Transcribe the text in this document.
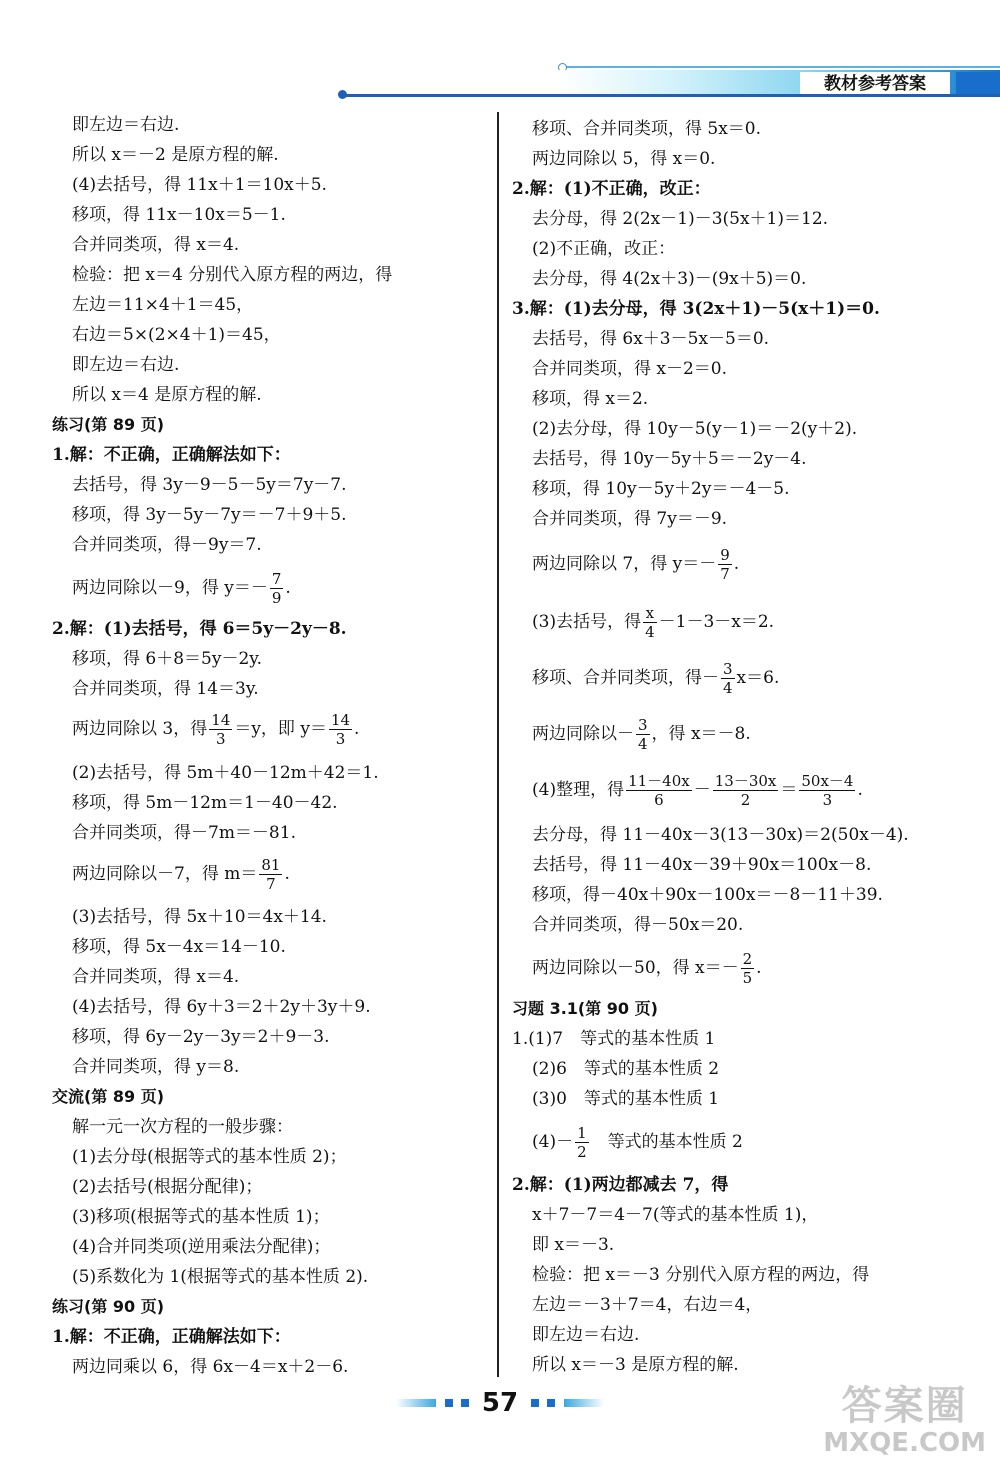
教材参考答案
即左边＝右边.
所以 x＝－2 是原方程的解.
(4)去括号，得 11x＋1＝10x＋5.
移项，得 11x－10x＝5－1.
合并同类项，得 x＝4.
检验：把 x＝4 分别代入原方程的两边，得
左边＝11×4＋1＝45，
右边＝5×(2×4＋1)＝45，
即左边＝右边.
所以 x＝4 是原方程的解.
练习(第 89 页)
1.解：不正确，正确解法如下：
去括号，得 3y－9－5－5y＝7y－7.
移项，得 3y－5y－7y＝－7＋9＋5.
合并同类项，得－9y＝7.
两边同除以－9，得 $y=- \frac{7}{9}$ .
2.解：(1)去括号，得 6＝5y－2y－8.
移项，得 6＋8＝5y－2y.
合并同类项，得 14＝3y.
两边同除以 3，得 $\frac{14}{3} =y$，即 $y= \frac{14}{3}$ .
(2)去括号，得 5m＋40－12m＋42＝1.
移项，得 5m－12m＝1－40－42.
合并同类项，得－7m＝－81.
两边同除以－7，得 $m= \frac{81}{7}$ .
(3)去括号，得 5x＋10＝4x＋14.
移项，得 5x－4x＝14－10.
合并同类项，得 x＝4.
(4)去括号，得 6y＋3＝2＋2y＋3y＋9.
移项，得 6y－2y－3y＝2＋9－3.
合并同类项，得 y＝8.
交流(第 89 页)
解一元一次方程的一般步骤：
(1)去分母(根据等式的基本性质 2)；
(2)去括号(根据分配律)；
(3)移项(根据等式的基本性质 1)；
(4)合并同类项(逆用乘法分配律)；
(5)系数化为 1(根据等式的基本性质 2).
练习(第 90 页)
1.解：不正确，正确解法如下：
两边同乘以 6，得 6x－4＝x＋2－6.
移项、合并同类项，得 5x＝0.
两边同除以 5，得 x＝0.
2.解：(1)不正确，改正：
去分母，得 2(2x－1)－3(5x＋1)＝12.
(2)不正确，改正：
去分母，得 4(2x＋3)－(9x＋5)＝0.
3.解：(1)去分母，得 3(2x＋1)－5(x＋1)＝0.
去括号，得 6x＋3－5x－5＝0.
合并同类项，得 x－2＝0.
移项，得 x＝2.
(2)去分母，得 10y－5(y－1)＝－2(y＋2).
去括号，得 10y－5y＋5＝－2y－4.
移项，得 10y－5y＋2y＝－4－5.
合并同类项，得 7y＝－9.
两边同除以 7，得 $y=- \frac{9}{7}$ .
(3)去括号，得 $\frac{x}{4} -1-3-x=2$.
移项、合并同类项，得－ $\frac{3}{4} x=6$.
两边同除以－ $\frac{3}{4}$ ，得 x＝－8.
(4)整理，得 $\frac{11-40x}{6} - \frac{13-30x}{2} = \frac{50x-4}{3}$ .
去分母，得 11－40x－3(13－30x)＝2(50x－4).
去括号，得 11－40x－39＋90x＝100x－8.
移项，得－40x＋90x－100x＝－8－11＋39.
合并同类项，得－50x＝20.
两边同除以－50，得 $x=- \frac{2}{5}$ .
习题 3.1(第 90 页)
1.(1)7　等式的基本性质 1
(2)6　等式的基本性质 2
(3)0　等式的基本性质 1
$(4)- \frac{1}{2}$ 　等式的基本性质 2
2.解：(1)两边都减去 7，得
x＋7－7＝4－7(等式的基本性质 1)，
即 x＝－3.
检验：把 x＝－3 分别代入原方程的两边，得
左边＝－3＋7＝4，右边＝4，
即左边＝右边.
所以 x＝－3 是原方程的解.
57	答案圈
MXQE.COM
